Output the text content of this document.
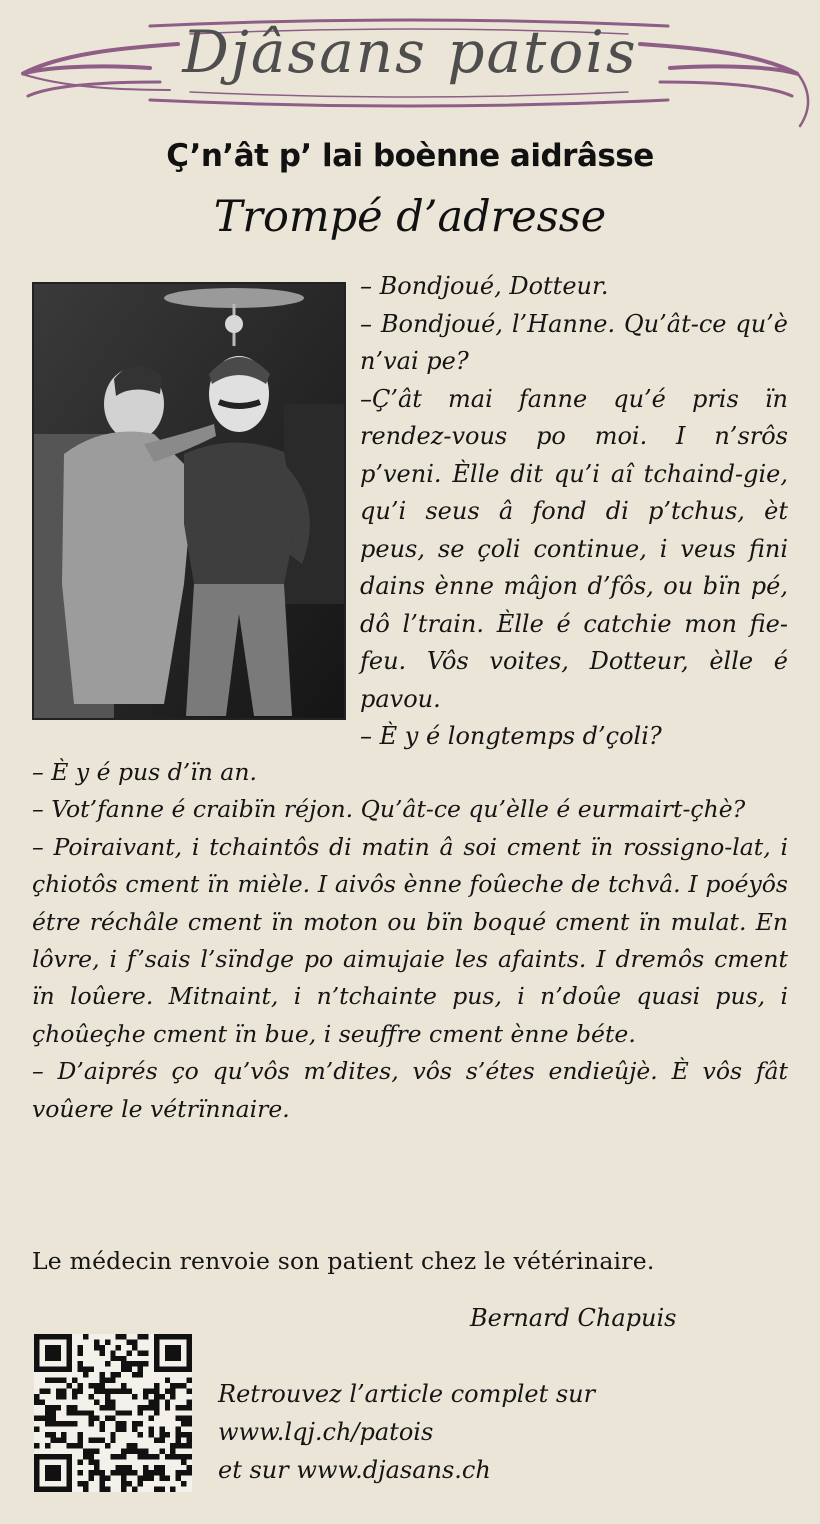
Djâsans patois
Ç’n’ât p’ lai boènne aidrâsse
Trompé d’adresse

– Bondjoué, Dotteur.

– Bondjoué, l’Hanne. Qu’ât-ce qu’è n’vai pe?

–Ç’ât mai fanne qu’é pris ïn rendez-vous po moi. I n’srôs p’veni. Èlle dit qu’i aî tchaind-gie, qu’i seus â fond di p’tchus, èt peus, se çoli continue, i veus fini dains ènne mâjon d’fôs, ou bïn pé, dô l’train. Èlle é catchie mon fie-feu. Vôs voites, Dotteur, èlle é pavou.

– È y é longtemps d’çoli?

– È y é pus d’ïn an.

– Vot’fanne é craibïn réjon. Qu’ât-ce qu’èlle é eurmairt-çhè?

– Poiraivant, i tchaintôs di matin â soi cment ïn rossigno-lat, i çhiotôs cment ïn mièle. I aivôs ènne foûeche de tchvâ. I poéyôs étre réchâle cment ïn moton ou bïn boqué cment ïn mulat. En lôvre, i f’sais l’sïndge po aimujaie les afaints. I dremôs cment ïn loûere. Mitnaint, i n’tchainte pus, i n’doûe quasi pus, i çhoûeçhe cment ïn bue, i seuffre cment ènne béte.

– D’aiprés ço qu’vôs m’dites, vôs s’étes endieûjè. È vôs fât voûere le vétrïnnaire.

Le médecin renvoie son patient chez le vétérinaire.
Bernard Chapuis
Retrouvez l’article complet sur
www.lqj.ch/patois
et sur www.djasans.ch
